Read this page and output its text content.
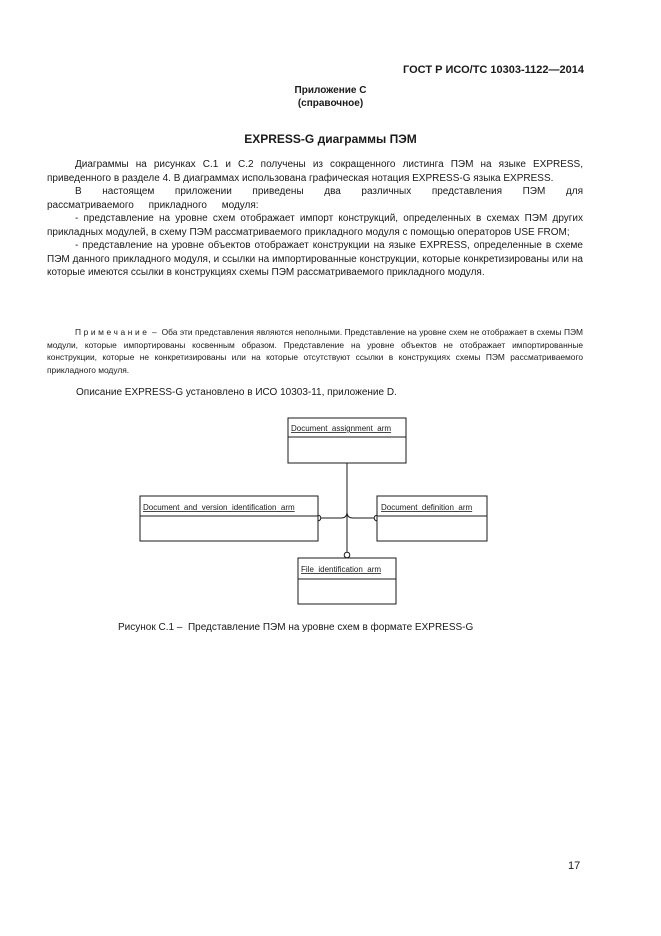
ГОСТ Р ИСО/ТС 10303-1122—2014
Приложение С
(справочное)
EXPRESS-G диаграммы ПЭМ

Диаграммы на рисунках С.1 и С.2 получены из сокращенного листинга ПЭМ на языке EXPRESS, приведенного в разделе 4. В диаграммах использована графическая нотация EXPRESS-G языка EXPRESS.

В настоящем приложении приведены два различных представления ПЭМ для рассматриваемого прикладного модуля:

- представление на уровне схем отображает импорт конструкций, определенных в схемах ПЭМ других прикладных модулей, в схему ПЭМ рассматриваемого прикладного модуля с помощью операторов USE FROM;

- представление на уровне объектов отображает конструкции на языке EXPRESS, определенные в схеме ПЭМ данного прикладного модуля, и ссылки на импортированные конструкции, которые конкретизированы или на которые имеются ссылки в конструкциях схемы ПЭМ рассматриваемого прикладного модуля.

Примечание – Оба эти представления являются неполными. Представление на уровне схем не отображает в схемы ПЭМ модули, которые импортированы косвенным образом. Представление на уровне объектов не отображает импортированные конструкции, которые не конкретизированы или на которые отсутствуют ссылки в конструкциях схемы ПЭМ рассматриваемого прикладного модуля.
Описание EXPRESS-G установлено в ИСО 10303-11, приложение D.
Document_assignment_arm
Document_and_version_identification_arm	Document_definition_arm
File_identification_arm
Рисунок С.1 –  Представление ПЭМ на уровне схем в формате EXPRESS-G
17
